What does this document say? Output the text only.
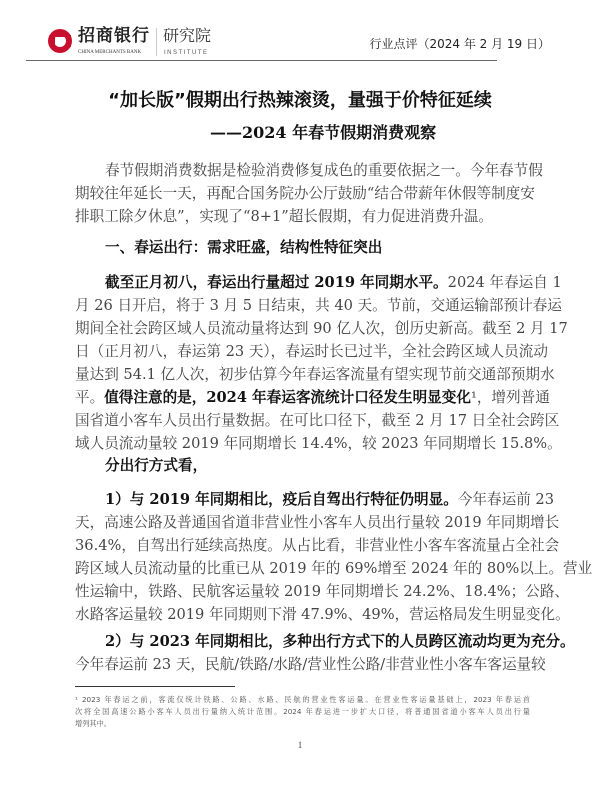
招商银行
CHINA MERCHANTS BANK
研究院
INSTITUTE
行业点评（2024 年 2 月 19 日）
“加长版”假期出行热辣滚烫，量强于价特征延续
——2024 年春节假期消费观察
春节假期消费数据是检验消费修复成色的重要依据之一。今年春节假
期较往年延长一天，再配合国务院办公厅鼓励“结合带薪年休假等制度安
排职工除夕休息”，实现了“8+1”超长假期，有力促进消费升温。
一、春运出行：需求旺盛，结构性特征突出
截至正月初八，春运出行量超过 2019 年同期水平。2024 年春运自 1
月 26 日开启，将于 3 月 5 日结束，共 40 天。节前，交通运输部预计春运
期间全社会跨区域人员流动量将达到 90 亿人次，创历史新高。截至 2 月 17
日（正月初八，春运第 23 天），春运时长已过半，全社会跨区域人员流动
量达到 54.1 亿人次，初步估算今年春运客流量有望实现节前交通部预期水
平。值得注意的是，2024 年春运客流统计口径发生明显变化¹，增列普通
国省道小客车人员出行量数据。在可比口径下，截至 2 月 17 日全社会跨区
域人员流动量较 2019 年同期增长 14.4%，较 2023 年同期增长 15.8%。
分出行方式看，
1）与 2019 年同期相比，疫后自驾出行特征仍明显。今年春运前 23
天，高速公路及普通国省道非营业性小客车人员出行量较 2019 年同期增长
36.4%，自驾出行延续高热度。从占比看，非营业性小客车客流量占全社会
跨区域人员流动量的比重已从 2019 年的 69%增至 2024 年的 80%以上。营业
性运输中，铁路、民航客运量较 2019 年同期增长 24.2%、18.4%；公路、
水路客运量较 2019 年同期则下滑 47.9%、49%，营运格局发生明显变化。
2）与 2023 年同期相比，多种出行方式下的人员跨区流动均更为充分。
今年春运前 23 天，民航/铁路/水路/营业性公路/非营业性小客车客运量较
¹ 2023 年春运之前，客流仅统计铁路、公路、水路、民航的营业性客运量。在营业性客运量基础上，2023 年春运首
次将全国高速公路小客车人员出行量纳入统计范围。2024 年春运进一步扩大口径，将普通国省道小客车人员出行量
增列其中。
1
